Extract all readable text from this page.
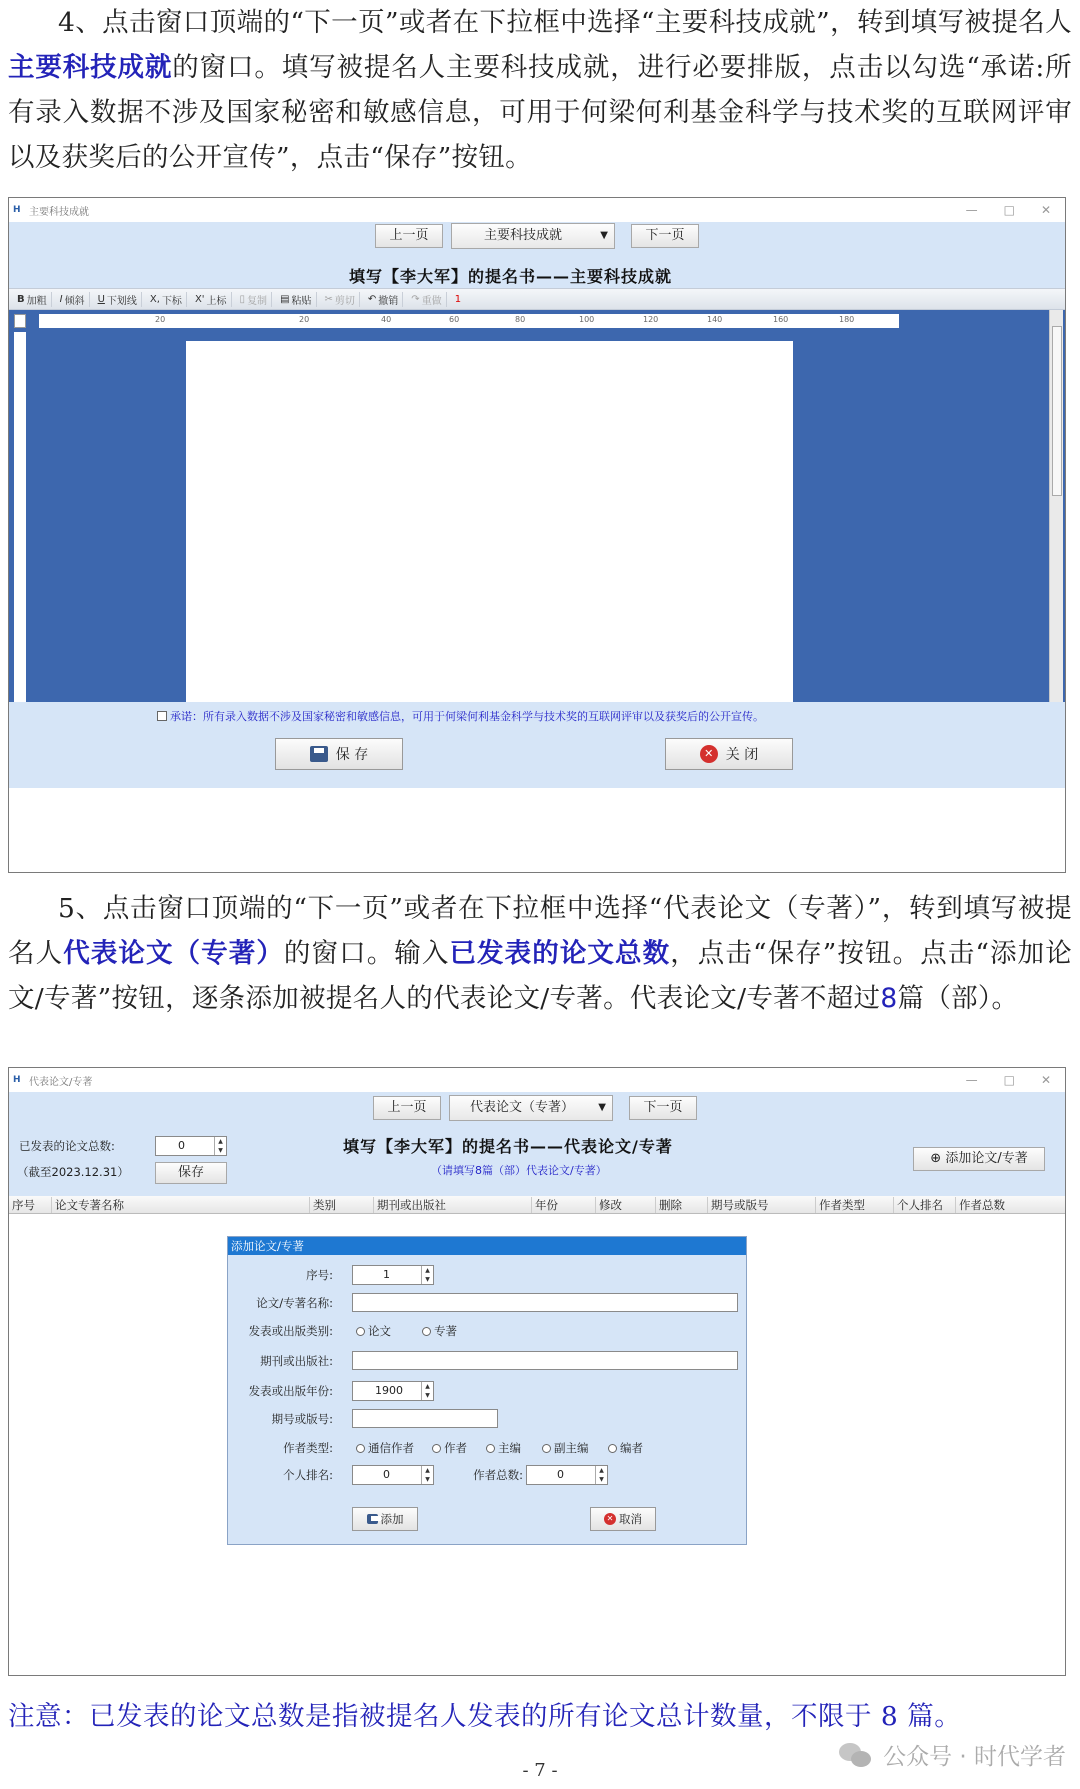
4、点击窗口顶端的“下一页”或者在下拉框中选择“主要科技成就”，转到填写被提名人主要科技成就的窗口。填写被提名人主要科技成就，进行必要排版，点击以勾选“承诺:所有录入数据不涉及国家秘密和敏感信息，可用于何梁何利基金科学与技术奖的互联网评审以及获奖后的公开宣传”，点击“保存”按钮。
H 主要科技成就	— □ ✕
上一页	主要科技成就	▼	下一页
填写【李大军】的提名书——主要科技成就
B 加粗 I 倾斜 U 下划线 X, 下标 X' 上标 ▯ 复制 ▤ 粘贴 ✂ 剪切 ↶ 撤销 ↷ 重做 1
20	20	40	60	80	100	120	140	160	180
承诺：所有录入数据不涉及国家秘密和敏感信息，可用于何梁何利基金科学与技术奖的互联网评审以及获奖后的公开宣传。
保 存	✕ 关 闭
5、点击窗口顶端的“下一页”或者在下拉框中选择“代表论文（专著）”，转到填写被提名人代表论文（专著）的窗口。输入已发表的论文总数，点击“保存”按钮。点击“添加论文/专著”按钮，逐条添加被提名人的代表论文/专著。代表论文/专著不超过8篇（部）。
H 代表论文/专著	— □ ✕
上一页	代表论文（专著） ▼	下一页
已发表的论文总数:	0	▲
▼
（截至2023.12.31）	保存
填写【李大军】的提名书——代表论文/专著
（请填写8篇（部）代表论文/专著）
⊕ 添加论文/专著
序号	论文专著名称	类别	期刊或出版社	年份	修改	删除	期号或版号	作者类型	个人排名	作者总数
添加论文/专著
序号:	1	▲
▼
论文/专著名称:
发表或出版类别:	论文	专著
期刊或出版社:
发表或出版年份:	1900	▲
▼
期号或版号:
作者类型:	通信作者	作者	主编	副主编	编者
个人排名:	0	▲
▼	作者总数:	0	▲
▼
添加	✕ 取消
注意：已发表的论文总数是指被提名人发表的所有论文总计数量，不限于 8 篇。
公众号 · 时代学者
- 7 -
